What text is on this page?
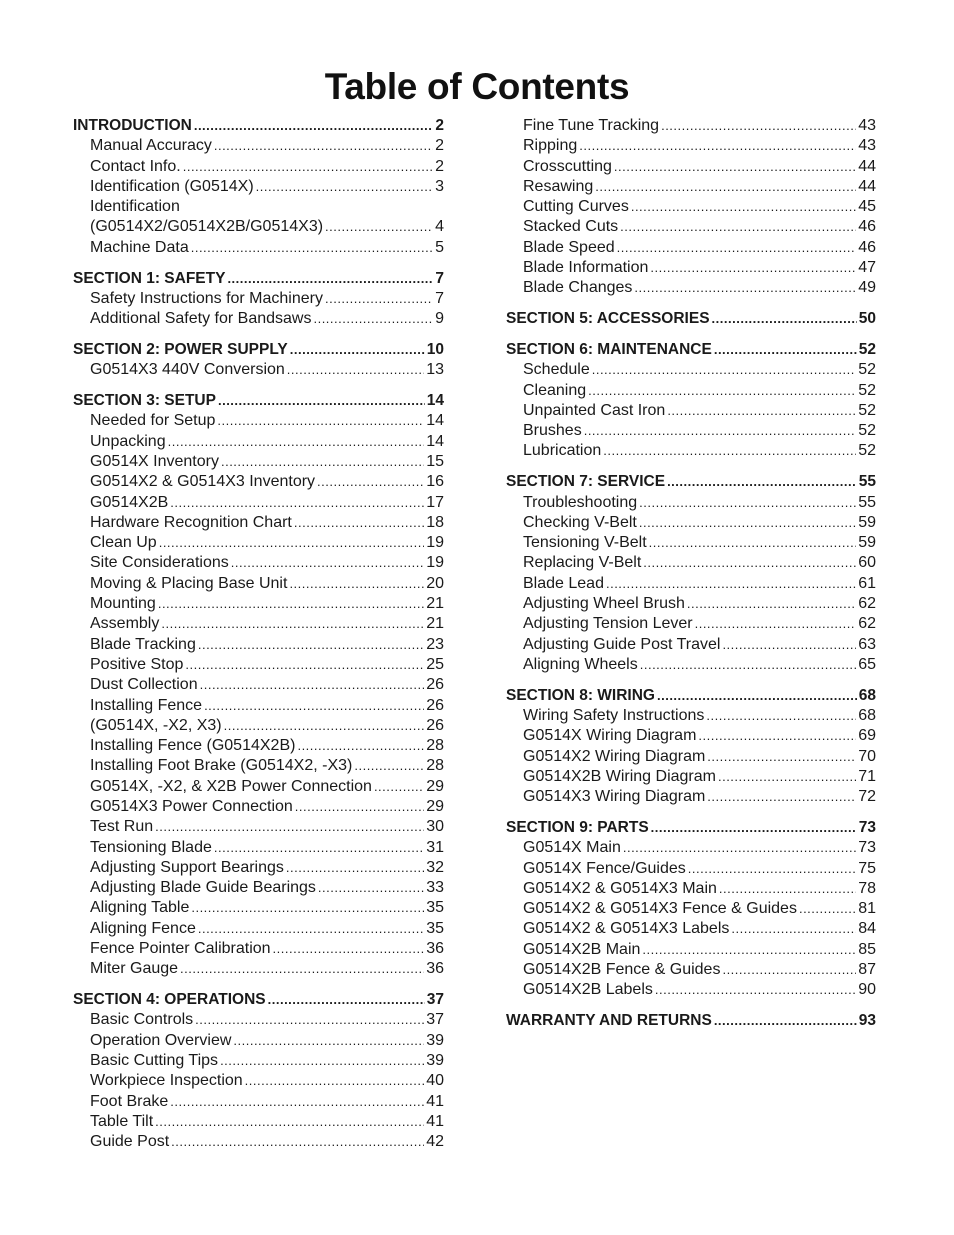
Table of Contents
INTRODUCTION .....	2
Manual Accuracy .....	2
Contact Info. .....	2
Identification (G0514X) .....	3
Identification
(G0514X2/G0514X2B/G0514X3) .....	4
Machine Data .....	5
SECTION 1: SAFETY .....	7
Safety Instructions for Machinery .....	7
Additional Safety for Bandsaws .....	9
SECTION 2: POWER SUPPLY .....	10
G0514X3 440V Conversion .....	13
SECTION 3: SETUP .....	14
Needed for Setup .....	14
Unpacking .....	14
G0514X Inventory .....	15
G0514X2 & G0514X3 Inventory .....	16
G0514X2B .....	17
Hardware Recognition Chart .....	18
Clean Up .....	19
Site Considerations .....	19
Moving & Placing Base Unit .....	20
Mounting .....	21
Assembly .....	21
Blade Tracking .....	23
Positive Stop .....	25
Dust Collection .....	26
Installing Fence .....	26
(G0514X, -X2, X3) .....	26
Installing Fence (G0514X2B) .....	28
Installing Foot Brake (G0514X2, -X3) .....	28
G0514X, -X2, & X2B Power Connection .....	29
G0514X3 Power Connection .....	29
Test Run .....	30
Tensioning Blade .....	31
Adjusting Support Bearings .....	32
Adjusting Blade Guide Bearings .....	33
Aligning Table .....	35
Aligning Fence .....	35
Fence Pointer Calibration .....	36
Miter Gauge .....	36
SECTION 4: OPERATIONS .....	37
Basic Controls .....	37
Operation Overview .....	39
Basic Cutting Tips .....	39
Workpiece Inspection .....	40
Foot Brake .....	41
Table Tilt .....	41
Guide Post .....	42
Fine Tune Tracking .....	43
Ripping .....	43
Crosscutting .....	44
Resawing .....	44
Cutting Curves .....	45
Stacked Cuts .....	46
Blade Speed .....	46
Blade Information .....	47
Blade Changes .....	49
SECTION 5: ACCESSORIES .....	50
SECTION 6: MAINTENANCE .....	52
Schedule .....	52
Cleaning .....	52
Unpainted Cast Iron .....	52
Brushes .....	52
Lubrication .....	52
SECTION 7: SERVICE .....	55
Troubleshooting .....	55
Checking V-Belt .....	59
Tensioning V-Belt .....	59
Replacing V-Belt .....	60
Blade Lead .....	61
Adjusting Wheel Brush .....	62
Adjusting Tension Lever .....	62
Adjusting Guide Post Travel .....	63
Aligning Wheels .....	65
SECTION 8: WIRING .....	68
Wiring Safety Instructions .....	68
G0514X Wiring Diagram .....	69
G0514X2 Wiring Diagram .....	70
G0514X2B Wiring Diagram .....	71
G0514X3 Wiring Diagram .....	72
SECTION 9: PARTS .....	73
G0514X Main .....	73
G0514X Fence/Guides .....	75
G0514X2 & G0514X3 Main .....	78
G0514X2 & G0514X3 Fence & Guides .....	81
G0514X2 & G0514X3 Labels .....	84
G0514X2B Main .....	85
G0514X2B Fence & Guides .....	87
G0514X2B Labels .....	90
WARRANTY AND RETURNS .....	93
